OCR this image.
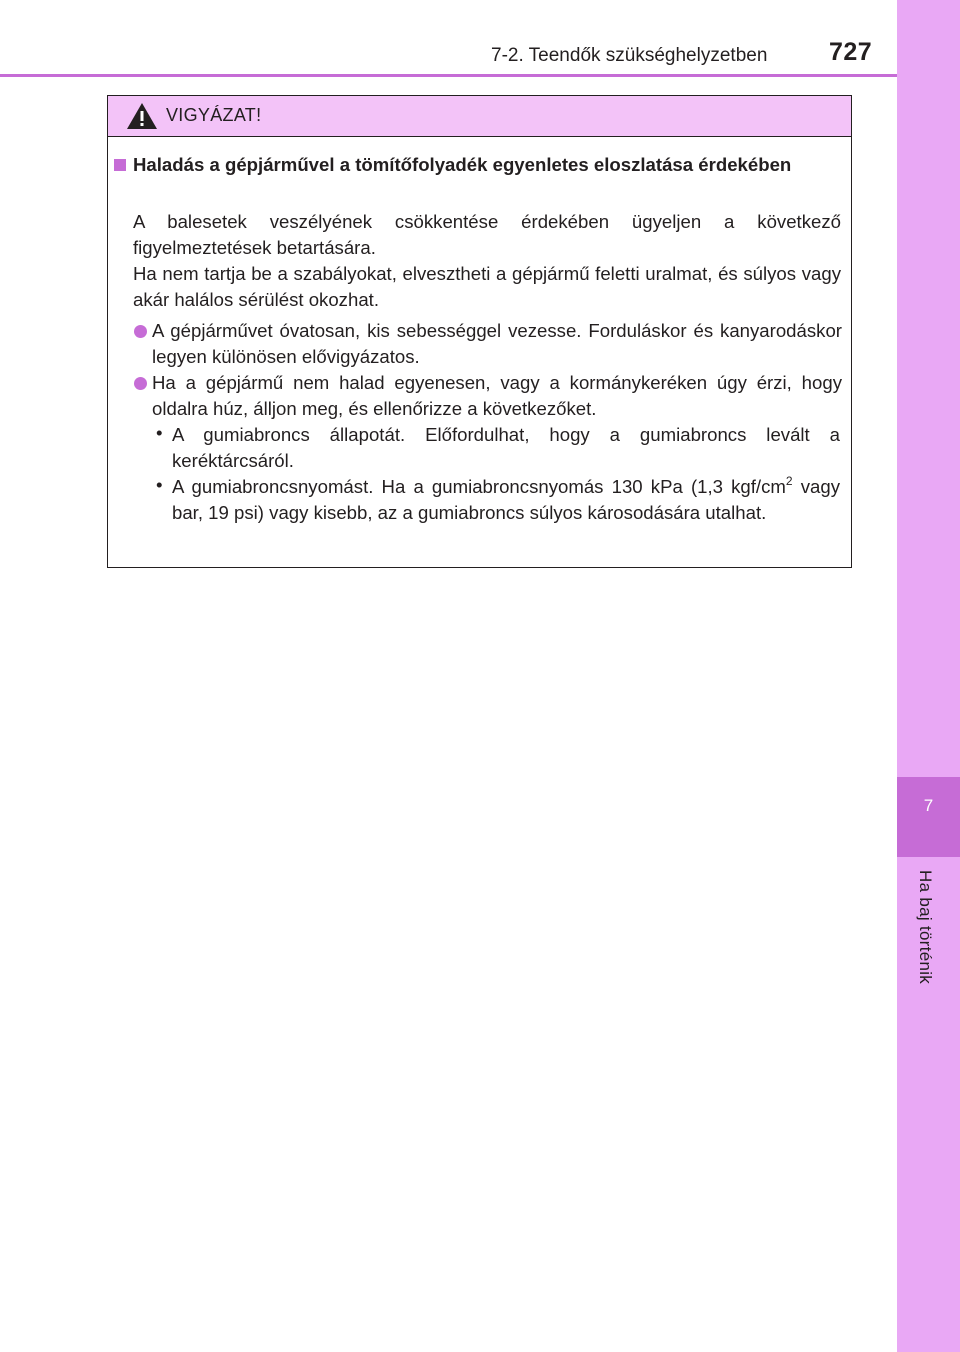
7
Ha baj történik
7-2. Teendők szükséghelyzetben 727
VIGYÁZAT!
Haladás a gépjárművel a tömítőfolyadék egyenletes eloszlatása érdekében
A balesetek veszélyének csökkentése érdekében ügyeljen a következő figyelmeztetések betartására.
Ha nem tartja be a szabályokat, elvesztheti a gépjármű feletti uralmat, és súlyos vagy akár halálos sérülést okozhat.
A gépjárművet óvatosan, kis sebességgel vezesse. Forduláskor és kanyarodáskor legyen különösen elővigyázatos.
Ha a gépjármű nem halad egyenesen, vagy a kormánykeréken úgy érzi, hogy oldalra húz, álljon meg, és ellenőrizze a következőket.
• A gumiabroncs állapotát. Előfordulhat, hogy a gumiabroncs levált a keréktárcsáról.
• A gumiabroncsnyomást. Ha a gumiabroncsnyomás 130 kPa (1,3 kgf/$cm^2$ vagy bar, 19 psi) vagy kisebb, az a gumiabroncs súlyos károsodására utalhat.
